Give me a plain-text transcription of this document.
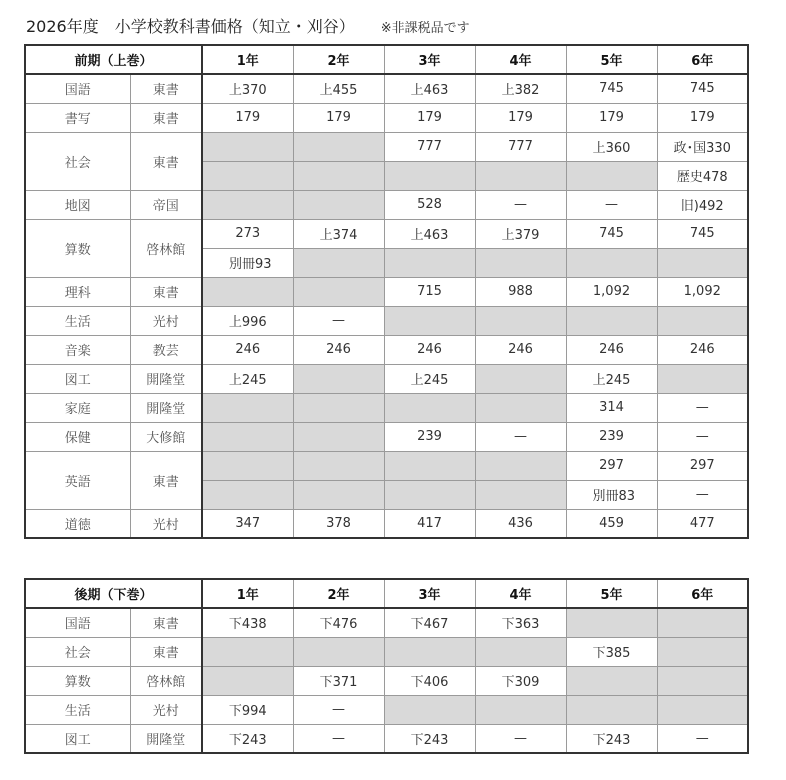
2026年度　小学校教科書価格（知立・刈谷） ※非課税品です
前期（上巻）		1年	2年	3年	4年	5年	6年
国語	東書	上370	上455	上463	上382	745	745
書写	東書	179	179	179	179	179	179
社会	東書			777	777	上360	政･国330
							歴史478
地図	帝国			528	—	—	旧)492
算数	啓林館	273	上374	上463	上379	745	745
		別冊93					
理科	東書			715	988	1,092	1,092
生活	光村	上996	—				
音楽	教芸	246	246	246	246	246	246
図工	開隆堂	上245		上245		上245	
家庭	開隆堂					314	—
保健	大修館			239	—	239	—
英語	東書					297	297
						別冊83	—
道徳	光村	347	378	417	436	459	477
後期（下巻）		1年	2年	3年	4年	5年	6年
国語	東書	下438	下476	下467	下363		
社会	東書					下385	
算数	啓林館		下371	下406	下309		
生活	光村	下994	—				
図工	開隆堂	下243	—	下243	—	下243	—
